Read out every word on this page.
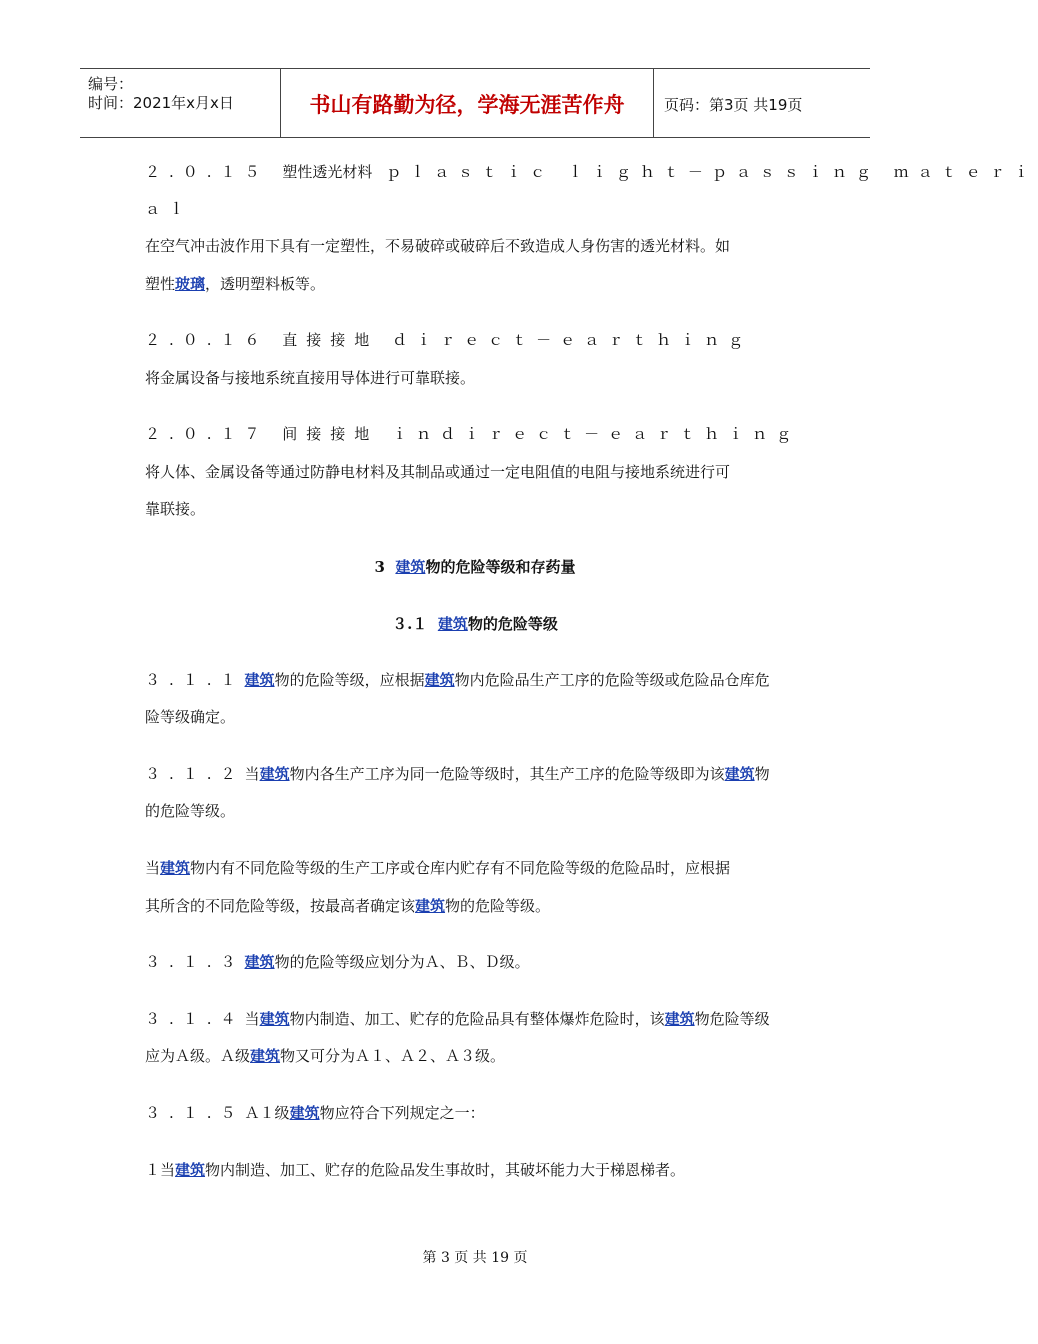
编号：
时间：2021年x月x日	书山有路勤为径，学海无涯苦作舟	页码：第3页 共19页
２.０.１５ 塑性透光材料 ｐｌａｓｔｉｃ ｌｉｇｈｔ－ｐａｓｓｉｎｇ ｍａｔｅｒｉ
ａｌ
在空气冲击波作用下具有一定塑性，不易破碎或破碎后不致造成人身伤害的透光材料。如
塑性玻璃，透明塑料板等。
２.０.１６ 直接接地 ｄｉｒｅｃｔ－ｅａｒｔｈｉｎｇ
将金属设备与接地系统直接用导体进行可靠联接。
２.０.１７ 间接接地 ｉｎｄｉｒｅｃｔ－ｅａｒｔｈｉｎｇ
将人体、金属设备等通过防静电材料及其制品或通过一定电阻值的电阻与接地系统进行可
靠联接。
3 建筑物的危险等级和存药量
３.１ 建筑物的危险等级
３.１.１建筑物的危险等级，应根据建筑物内危险品生产工序的危险等级或危险品仓库危
险等级确定。
３.１.２当建筑物内各生产工序为同一危险等级时，其生产工序的危险等级即为该建筑物
的危险等级。
当建筑物内有不同危险等级的生产工序或仓库内贮存有不同危险等级的危险品时，应根据
其所含的不同危险等级，按最高者确定该建筑物的危险等级。
３.１.３建筑物的危险等级应划分为Ａ、Ｂ、Ｄ级。
３.１.４当建筑物内制造、加工、贮存的危险品具有整体爆炸危险时，该建筑物危险等级
应为Ａ级。Ａ级建筑物又可分为Ａ１、Ａ２、Ａ３级。
３.１.５Ａ１级建筑物应符合下列规定之一：
１当建筑物内制造、加工、贮存的危险品发生事故时，其破坏能力大于梯恩梯者。
第 3 页 共 19 页
